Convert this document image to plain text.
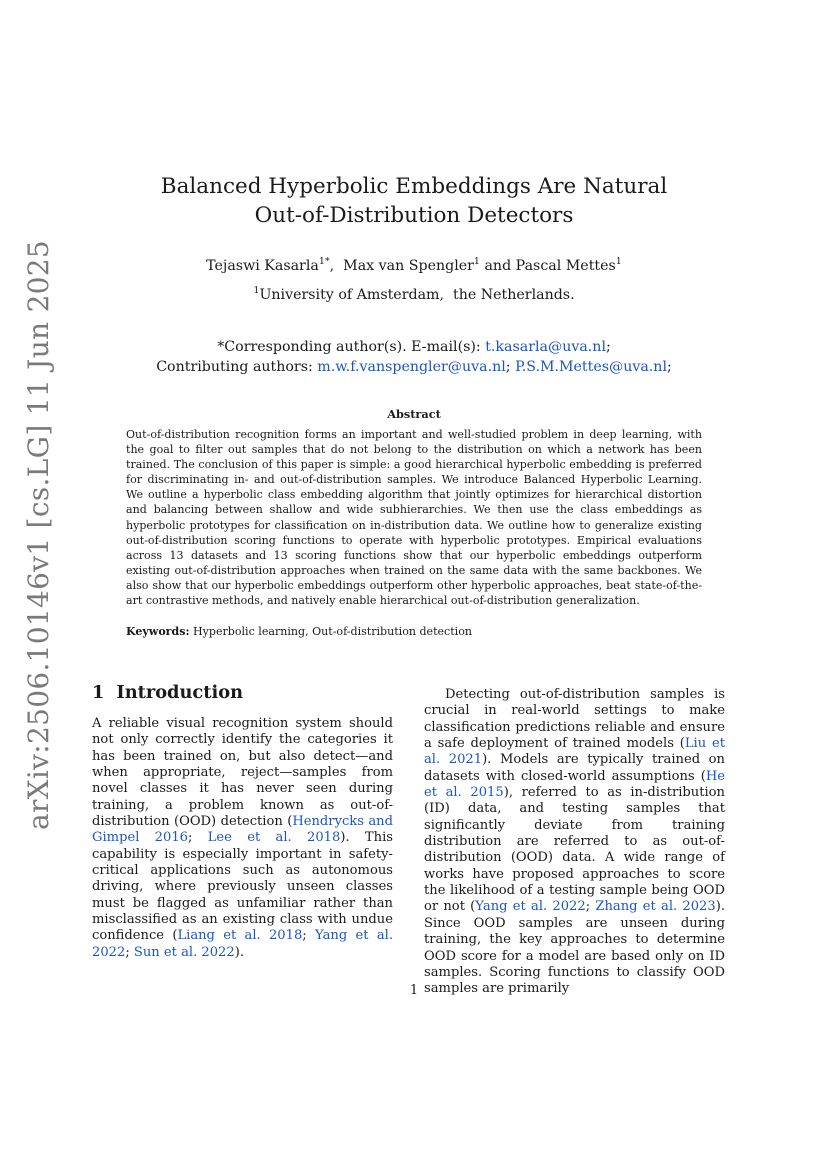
arXiv:2506.10146v1 [cs.LG] 11 Jun 2025
Balanced Hyperbolic Embeddings Are Natural
Out-of-Distribution Detectors
Tejaswi Kasarla$^{1*}$,  Max van Spengler$^1$ and Pascal Mettes$^1$
$^1$University of Amsterdam,  the Netherlands.
*Corresponding author(s). E-mail(s): t.kasarla@uva.nl;
Contributing authors: m.w.f.vanspengler@uva.nl; P.S.M.Mettes@uva.nl;
Abstract

Out-of-distribution recognition forms an important and well-studied problem in deep learning, with the goal to filter out samples that do not belong to the distribution on which a network has been trained. The conclusion of this paper is simple: a good hierarchical hyperbolic embedding is preferred for discriminating in- and out-of-distribution samples. We introduce Balanced Hyperbolic Learning. We outline a hyperbolic class embedding algorithm that jointly optimizes for hierarchical distortion and balancing between shallow and wide subhierarchies. We then use the class embeddings as hyperbolic prototypes for classification on in-distribution data. We outline how to generalize existing out-of-distribution scoring functions to operate with hyperbolic prototypes. Empirical evaluations across 13 datasets and 13 scoring functions show that our hyperbolic embeddings outperform existing out-of-distribution approaches when trained on the same data with the same backbones. We also show that our hyperbolic embeddings outperform other hyperbolic approaches, beat state-of-the-art contrastive methods, and natively enable hierarchical out-of-distribution generalization.

Keywords: Hyperbolic learning, Out-of-distribution detection

1 Introduction

A reliable visual recognition system should not only correctly identify the categories it has been trained on, but also detect—and when appropriate, reject—samples from novel classes it has never seen during training, a problem known as out-of-distribution (OOD) detection (Hendrycks and Gimpel 2016; Lee et al. 2018). This capability is especially important in safety-critical applications such as autonomous driving, where previously unseen classes must be flagged as unfamiliar rather than misclassified as an existing class with undue confidence (Liang et al. 2018; Yang et al. 2022; Sun et al. 2022).

Detecting out-of-distribution samples is crucial in real-world settings to make classification predictions reliable and ensure a safe deployment of trained models (Liu et al. 2021). Models are typically trained on datasets with closed-world assumptions (He et al. 2015), referred to as in-distribution (ID) data, and testing samples that significantly deviate from training distribution are referred to as out-of-distribution (OOD) data. A wide range of works have proposed approaches to score the likelihood of a testing sample being OOD or not (Yang et al. 2022; Zhang et al. 2023). Since OOD samples are unseen during training, the key approaches to determine OOD score for a model are based only on ID samples. Scoring functions to classify OOD samples are primarily

1
